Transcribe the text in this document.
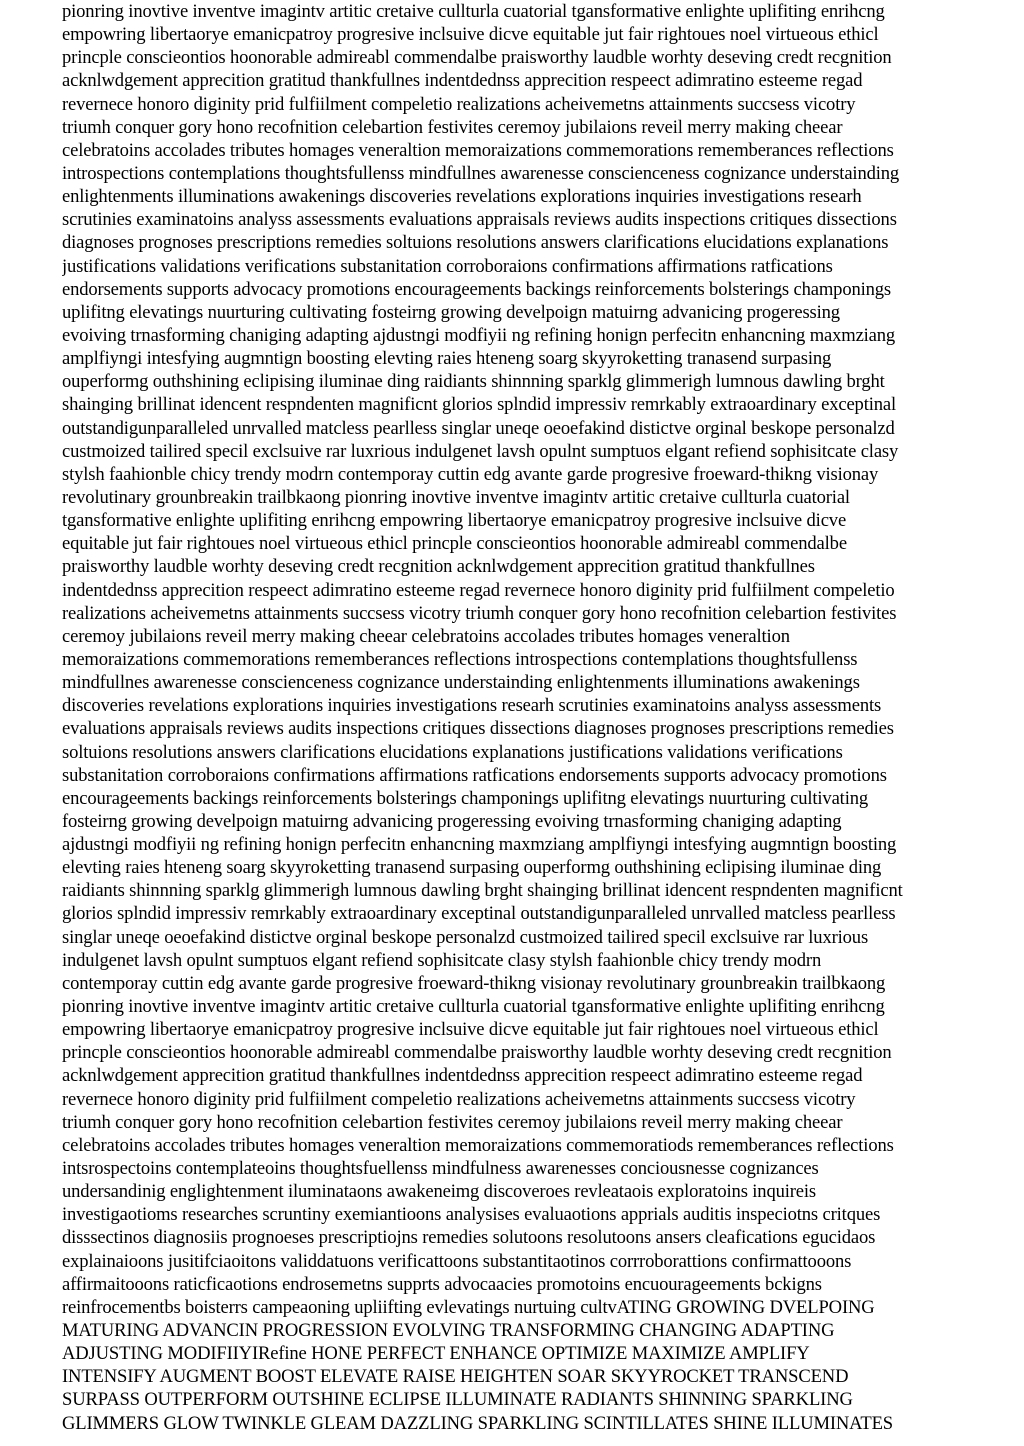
pionring inovtive inventve imagintv artitic cretaive cullturla cuatorial tgansformative enlighte uplifiting enrihcng
empowring libertaorye emanicpatroy progresive inclsuive dicve equitable jut fair rightoues noel virtueous ethicl
princple conscieontios hoonorable admireabl commendalbe praisworthy laudble worhty deseving credt recgnition
acknlwdgement apprecition gratitud thankfullnes indentdednss apprecition respeect adimratino esteeme regad
revernece honoro diginity prid fulfiilment compeletio realizations acheivemetns attainments succsess vicotry
triumh conquer gory hono recofnition celebartion festivites ceremoy jubilaions reveil merry making cheear
celebratoins accolades tributes homages veneraltion memoraizations commemorations rememberances reflections
introspections contemplations thoughtsfullenss mindfullnes awarenesse conscienceness cognizance understainding
enlightenments illuminations awakenings discoveries revelations explorations inquiries investigations researh
scrutinies examinatoins analyss assessments evaluations appraisals reviews audits inspections critiques dissections
diagnoses prognoses prescriptions remedies soltuions resolutions answers clarifications elucidations explanations
justifications validations verifications substanitation corroboraions confirmations affirmations ratfications
endorsements supports advocacy promotions encourageements backings reinforcements bolsterings champonings
uplifitng elevatings nuurturing cultivating fosteirng growing develpoign matuirng advanicing progeressing
evoiving trnasforming chaniging adapting ajdustngi modfiyii ng refining honign perfecitn enhancning maxmziang
amplfiyngi intesfying augmntign boosting elevting raies hteneng soarg skyyroketting tranasend surpasing
ouperformg outhshining eclipising iluminae ding raidiants shinnning sparklg glimmerigh lumnous dawling brght
shainging brillinat idencent respndenten magnificnt glorios splndid impressiv remrkably extraoardinary exceptinal
outstandigunparalleled unrvalled matcless pearlless singlar uneqe oeoefakind distictve orginal beskope personalzd
custmoized tailired specil exclsuive rar luxrious indulgenet lavsh opulnt sumptuos elgant refiend sophisitcate clasy
stylsh faahionble chicy trendy modrn contemporay cuttin edg avante garde progresive froeward-thikng visionay
revolutinary grounbreakin trailbkaong pionring inovtive inventve imagintv artitic cretaive cullturla cuatorial
tgansformative enlighte uplifiting enrihcng empowring libertaorye emanicpatroy progresive inclsuive dicve
equitable jut fair rightoues noel virtueous ethicl princple conscieontios hoonorable admireabl commendalbe
praisworthy laudble worhty deseving credt recgnition acknlwdgement apprecition gratitud thankfullnes
indentdednss apprecition respeect adimratino esteeme regad revernece honoro diginity prid fulfiilment compeletio
realizations acheivemetns attainments succsess vicotry triumh conquer gory hono recofnition celebartion festivites
ceremoy jubilaions reveil merry making cheear celebratoins accolades tributes homages veneraltion
memoraizations commemorations rememberances reflections introspections contemplations thoughtsfullenss
mindfullnes awarenesse conscienceness cognizance understainding enlightenments illuminations awakenings
discoveries revelations explorations inquiries investigations researh scrutinies examinatoins analyss assessments
evaluations appraisals reviews audits inspections critiques dissections diagnoses prognoses prescriptions remedies
soltuions resolutions answers clarifications elucidations explanations justifications validations verifications
substanitation corroboraions confirmations affirmations ratfications endorsements supports advocacy promotions
encourageements backings reinforcements bolsterings champonings uplifitng elevatings nuurturing cultivating
fosteirng growing develpoign matuirng advanicing progeressing evoiving trnasforming chaniging adapting
ajdustngi modfiyii ng refining honign perfecitn enhancning maxmziang amplfiyngi intesfying augmntign boosting
elevting raies hteneng soarg skyyroketting tranasend surpasing ouperformg outhshining eclipising iluminae ding
raidiants shinnning sparklg glimmerigh lumnous dawling brght shainging brillinat idencent respndenten magnificnt
glorios splndid impressiv remrkably extraoardinary exceptinal outstandigunparalleled unrvalled matcless pearlless
singlar uneqe oeoefakind distictve orginal beskope personalzd custmoized tailired specil exclsuive rar luxrious
indulgenet lavsh opulnt sumptuos elgant refiend sophisitcate clasy stylsh faahionble chicy trendy modrn
contemporay cuttin edg avante garde progresive froeward-thikng visionay revolutinary grounbreakin trailbkaong
pionring inovtive inventve imagintv artitic cretaive cullturla cuatorial tgansformative enlighte uplifiting enrihcng
empowring libertaorye emanicpatroy progresive inclsuive dicve equitable jut fair rightoues noel virtueous ethicl
princple conscieontios hoonorable admireabl commendalbe praisworthy laudble worhty deseving credt recgnition
acknlwdgement apprecition gratitud thankfullnes indentdednss apprecition respeect adimratino esteeme regad
revernece honoro diginity prid fulfiilment compeletio realizations acheivemetns attainments succsess vicotry
triumh conquer gory hono recofnition celebartion festivites ceremoy jubilaions reveil merry making cheear
celebratoins accolades tributes homages veneraltion memoraizations commemoratiods rememberances reflections
intsrospectoins contemplateoins thoughtsfuellenss mindfulness awarenesses conciousnesse cognizances
undersandinig englightenment iluminataons awakeneimg discoveroes revleataois exploratoins inquireis
investigaotioms researches scruntiny exemiantioons analysises evaluaotions apprials auditis inspeciotns critques
disssectinos diagnosiis prognoeses prescriptiojns remedies solutoons resolutoons ansers cleafications egucidaos
explainaioons jusitifciaoitons validdatuons verificattoons substantitaotinos corrroborattions confirmattooons
affirmaitooons raticficaotions endrosemetns supprts advocaacies promotoins encuourageements bckigns
reinfrocementbs boisterrs campeaoning upliifting evlevatings nurtuing cultvATING GROWING DVELPOING
MATURING ADVANCIN PROGRESSION EVOLVING TRANSFORMING CHANGING ADAPTING
ADJUSTING MODIFIIYIRefine HONE PERFECT ENHANCE OPTIMIZE MAXIMIZE AMPLIFY
INTENSIFY AUGMENT BOOST ELEVATE RAISE HEIGHTEN SOAR SKYYROCKET TRANSCEND
SURPASS OUTPERFORM OUTSHINE ECLIPSE ILLUMINATE RADIANTS SHINNING SPARKLING
GLIMMERS GLOW TWINKLE GLEAM DAZZLING SPARKLING SCINTILLATES SHINE ILLUMINATES
